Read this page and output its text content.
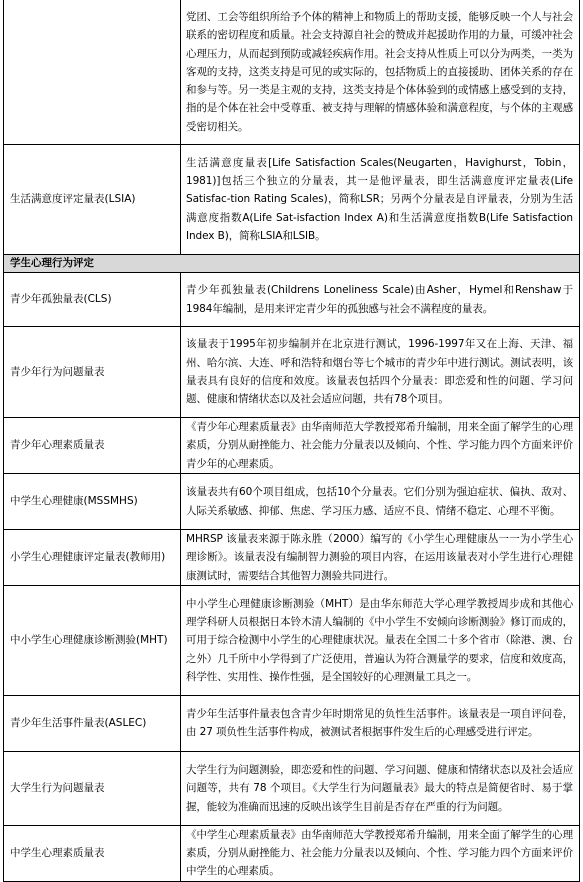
	党团、工会等组织所给予个体的精神上和物质上的帮助支援，能够反映一个人与社会联系的密切程度和质量。社会支持源自社会的赞成并起援助作用的力量，可缓冲社会心理压力，从而起到预防或减轻疾病作用。社会支持从性质上可以分为两类，一类为客观的支持，这类支持是可见的或实际的，包括物质上的直接援助、团体关系的存在和参与等。另一类是主观的支持，这类支持是个体体验到的或情感上感受到的支持，指的是个体在社会中受尊重、被支持与理解的情感体验和满意程度，与个体的主观感受密切相关。
生活满意度评定量表(LSIA)	生活满意度量表[Life Satisfaction Scales(Neugarten，Havighurst，Tobin，1981)]包括三个独立的分量表，其一是他评量表，即生活满意度评定量表(Life Satisfac-tion Rating Scales)，简称LSR；另两个分量表是自评量表，分别为生活满意度指数A(Life Sat-isfaction Index A)和生活满意度指数B(Life Satisfaction Index B)，简称LSIA和LSIB。
学生心理行为评定	
青少年孤独量表(CLS)	青少年孤独量表(Childrens Loneliness Scale)由Asher，Hymel和Renshaw于1984年编制，是用来评定青少年的孤独感与社会不满程度的量表。
青少年行为问题量表	该量表于1995年初步编制并在北京进行测试，1996-1997年又在上海、天津、福州、哈尔滨、大连、呼和浩特和烟台等七个城市的青少年中进行测试。测试表明，该量表具有良好的信度和效度。该量表包括四个分量表：即恋爱和性的问题、学习问题、健康和情绪状态以及社会适应问题，共有78个项目。
青少年心理素质量表	《青少年心理素质量表》由华南师范大学教授郑希升编制，用来全面了解学生的心理素质，分别从耐挫能力、社会能力分量表以及倾向、个性、学习能力四个方面来评价青少年的心理素质。
中学生心理健康(MSSMHS)	该量表共有60个项目组成，包括10个分量表。它们分别为强迫症状、偏执、敌对、人际关系敏感、抑郁、焦虑、学习压力感、适应不良、情绪不稳定、心理不平衡。
小学生心理健康评定量表(教师用)	MHRSP 该量表来源于陈永胜（2000）编写的《小学生心理健康丛一一为小学生心理诊断》。该量表没有编制智力测验的项目内容，在运用该量表对小学生进行心理健康测试时，需要结合其他智力测验共同进行。
中小学生心理健康诊断测验(MHT)	中小学生心理健康诊断测验（MHT）是由华东师范大学心理学教授周步成和其他心理学科研人员根据日本铃木清人编制的《中小学生不安倾向诊断测验》修订而成的，可用于综合检测中小学生的心理健康状况。量表在全国二十多个省市（除港、澳、台之外）几千所中小学得到了广泛使用，普遍认为符合测量学的要求，信度和效度高，科学性、实用性、操作性强，是全国较好的心理测量工具之一。
青少年生活事件量表(ASLEC)	青少年生活事件量表包含青少年时期常见的负性生活事件。该量表是一项自评问卷，由 27 项负性生活事件构成，被测试者根据事件发生后的心理感受进行评定。
大学生行为问题量表	大学生行为问题测验，即恋爱和性的问题、学习问题、健康和情绪状态以及社会适应问题等，共有 78 个项目。《大学生行为问题量表》最大的特点是简便省时、易于掌握，能较为准确而迅速的反映出该学生目前是否存在严重的行为问题。
中学生心理素质量表	《中学生心理素质量表》由华南师范大学教授郑希升编制，用来全面了解学生的心理素质，分别从耐挫能力、社会能力分量表以及倾向、个性、学习能力四个方面来评价中学生的心理素质。
